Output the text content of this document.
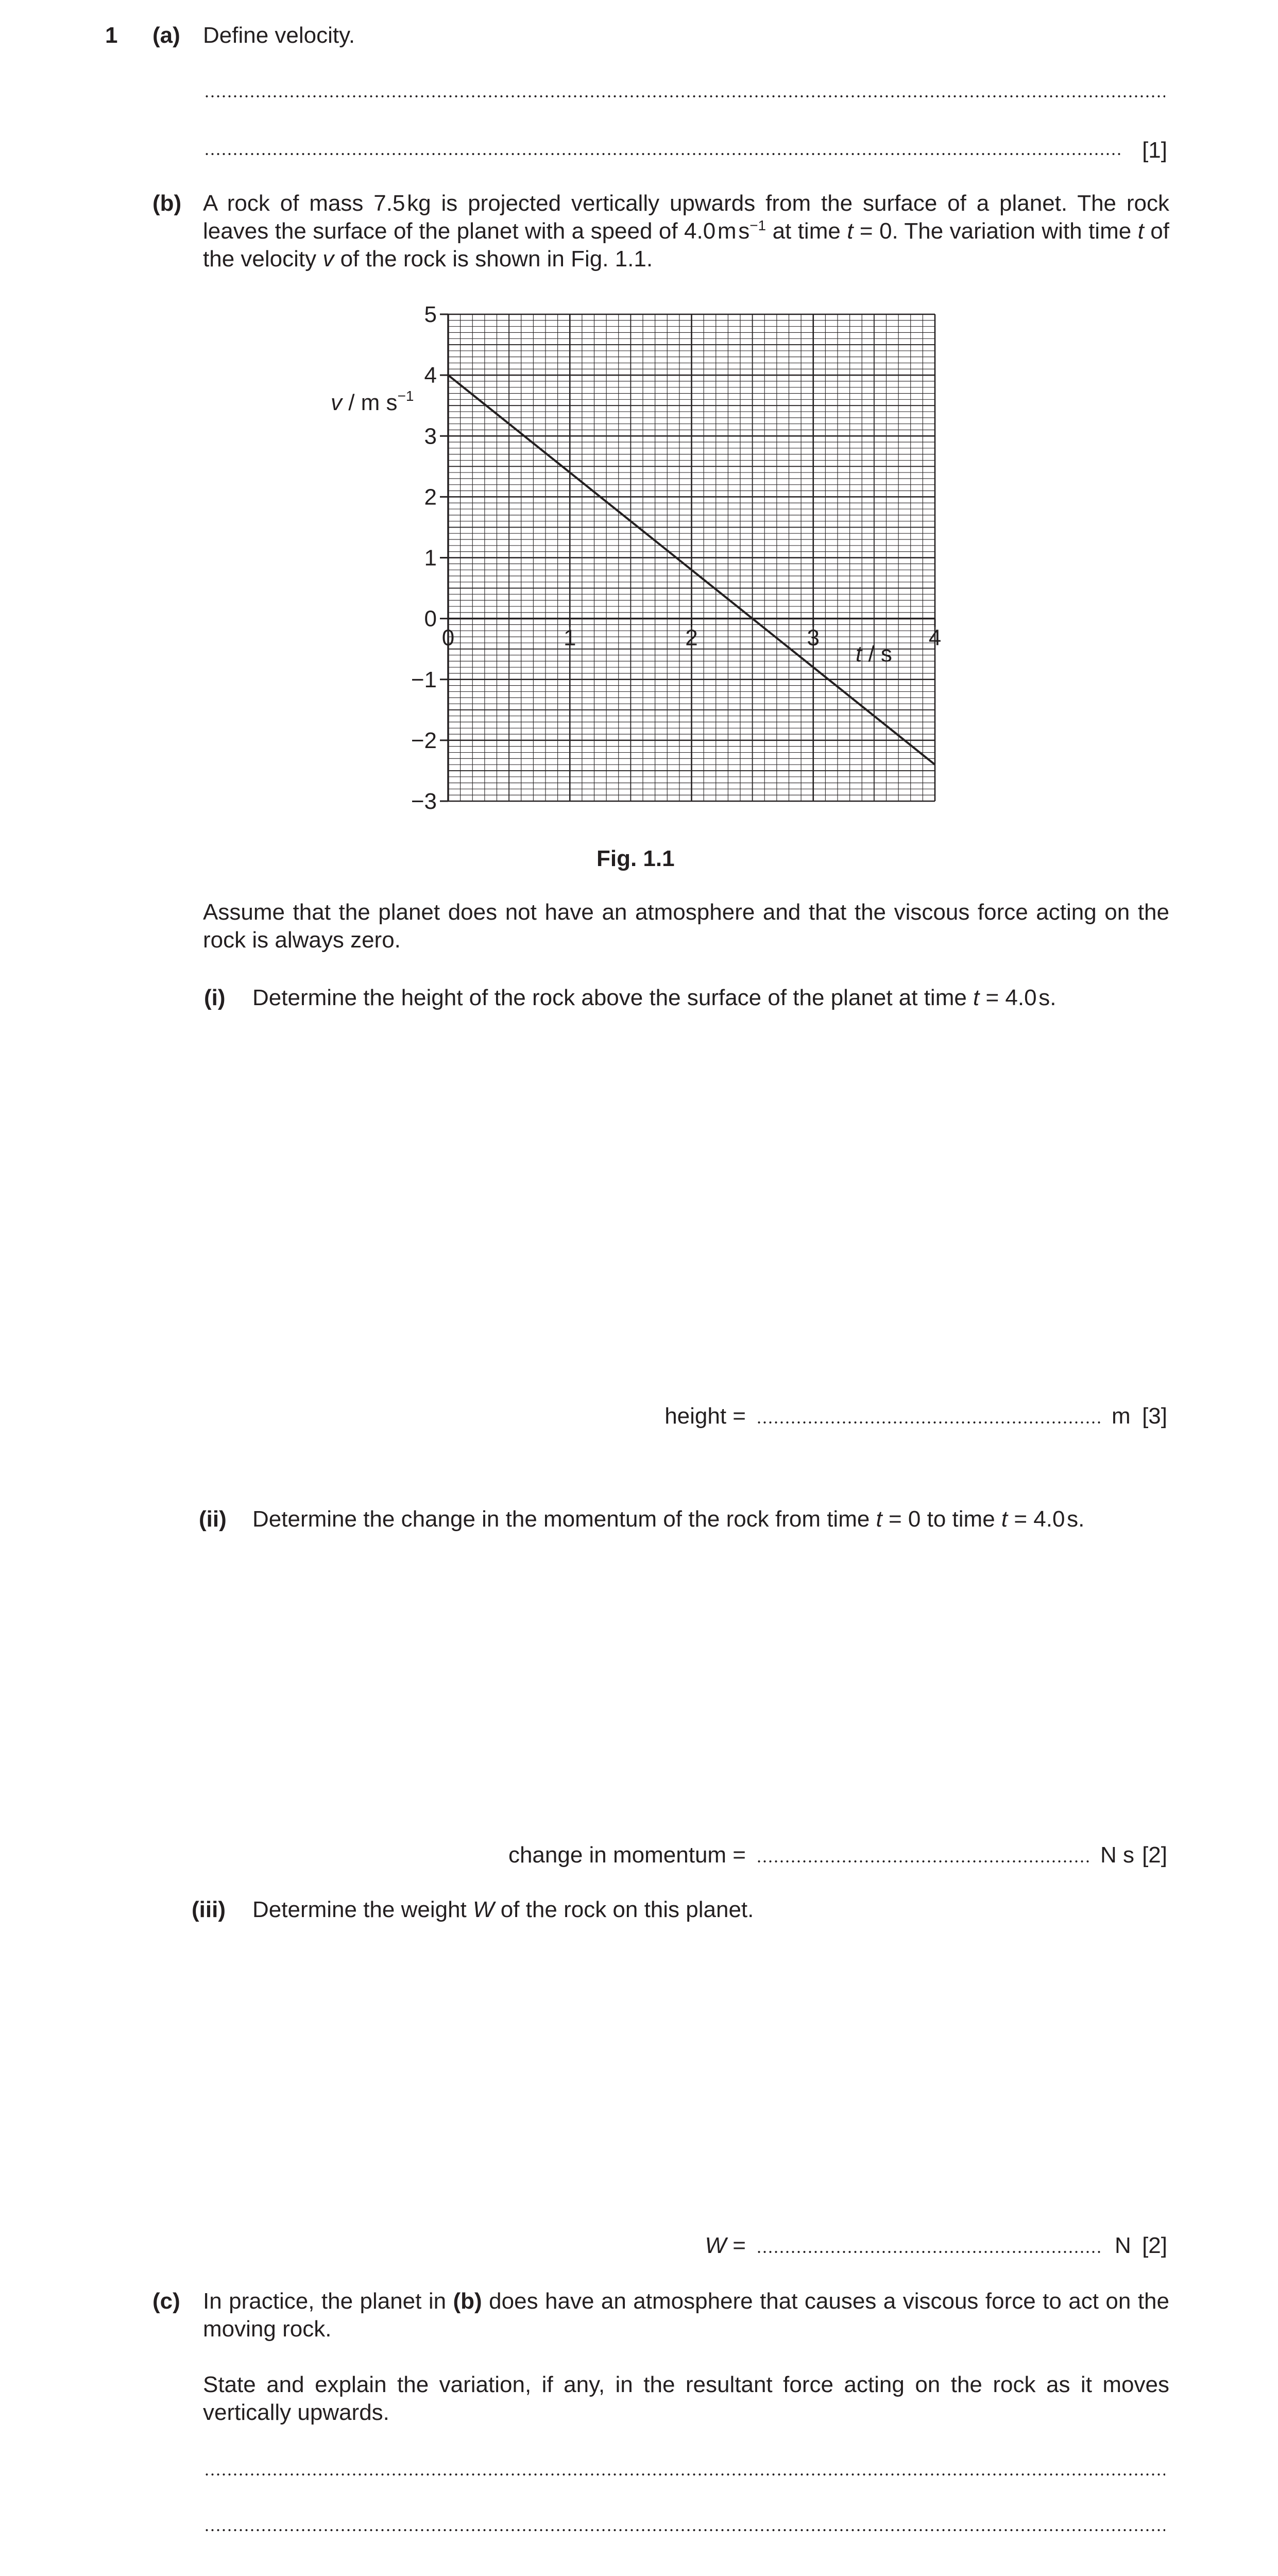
1 (a) Define velocity.
[1]
(b) A rock of mass 7.5 kg is projected vertically upwards from the surface of a planet. The rock leaves the surface of the planet with a speed of 4.0 m $s^{-1}$ at time t = 0. The variation with time t of the velocity v of the rock is shown in Fig. 1.1.
5
4
3
2
1
0
−1
−2
−3
0	1	2	3	4
v / m $s^{-1}$
t / s
Fig. 1.1
Assume that the planet does not have an atmosphere and that the viscous force acting on the rock is always zero.
(i) Determine the height of the rock above the surface of the planet at time t = 4.0 s.
height =	m [3]
(ii) Determine the change in the momentum of the rock from time t = 0 to time t = 4.0 s.
change in momentum =	N s [2]
(iii) Determine the weight W of the rock on this planet.
W =	N [2]
(c) In practice, the planet in (b) does have an atmosphere that causes a viscous force to act on the moving rock.
State and explain the variation, if any, in the resultant force acting on the rock as it moves vertically upwards.
